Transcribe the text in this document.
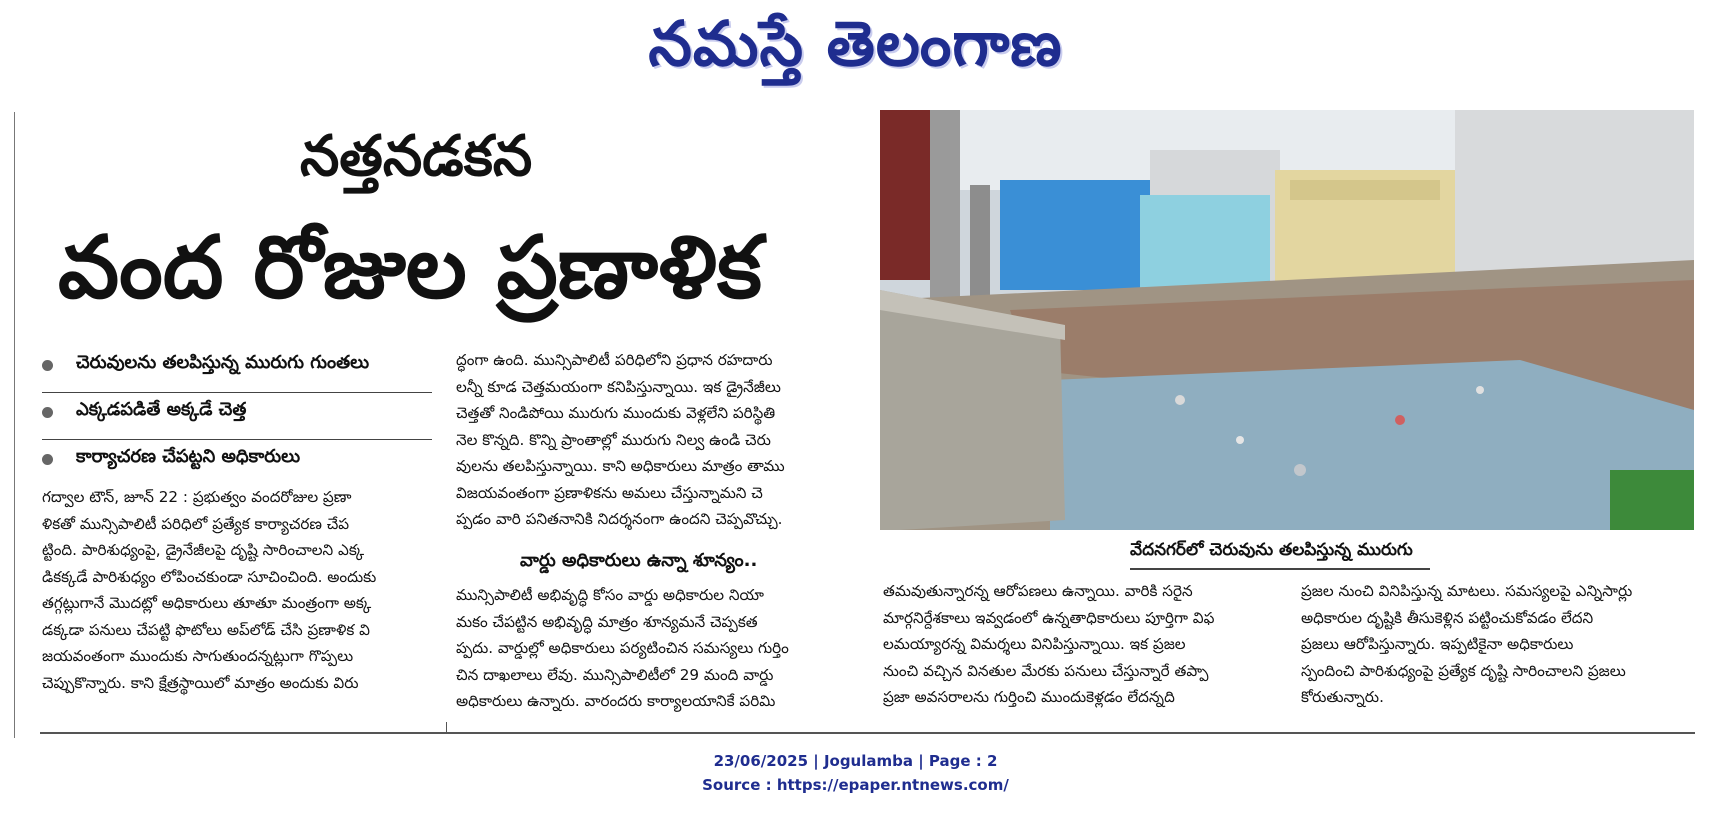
నమస్తే తెలంగాణ
నత్తనడకన
వంద రోజుల ప్రణాళిక
చెరువులను తలపిస్తున్న మురుగు గుంతలు
ఎక్కడపడితే అక్కడే చెత్త
కార్యాచరణ చేపట్టని అధికారులు

గద్వాల టౌన్, జూన్ 22 : ప్రభుత్వం వందరోజుల ప్రణా

ళికతో మున్సిపాలిటీ పరిధిలో ప్రత్యేక కార్యాచరణ చేప

ట్టింది. పారిశుధ్యంపై, డ్రైనేజీలపై దృష్టి సారించాలని ఎక్క

డికక్కడే పారిశుధ్యం లోపించకుండా సూచించింది. అందుకు

తగ్గట్లుగానే మొదట్లో అధికారులు తూతూ మంత్రంగా అక్క

డక్కడా పనులు చేపట్టి ఫొటోలు అప్‌లోడ్ చేసి ప్రణాళిక వి

జయవంతంగా ముందుకు సాగుతుందన్నట్లుగా గొప్పలు

చెప్పుకొన్నారు. కాని క్షేత్రస్థాయిలో మాత్రం అందుకు విరు

ద్ధంగా ఉంది. మున్సిపాలిటీ పరిధిలోని ప్రధాన రహదారు

లన్నీ కూడ చెత్తమయంగా కనిపిస్తున్నాయి. ఇక డ్రైనేజీలు

చెత్తతో నిండిపోయి మురుగు ముందుకు వెళ్లలేని పరిస్థితి

నెల కొన్నది. కొన్ని ప్రాంతాల్లో మురుగు నిల్వ ఉండి చెరు

వులను తలపిస్తున్నాయి. కాని అధికారులు మాత్రం తాము

విజయవంతంగా ప్రణాళికను అమలు చేస్తున్నామని చె

ప్పడం వారి పనితనానికి నిదర్శనంగా ఉందని చెప్పవొచ్చు.

వార్డు అధికారులు ఉన్నా శూన్యం..

మున్సిపాలిటీ అభివృద్ధి కోసం వార్డు అధికారుల నియా

మకం చేపట్టిన అభివృద్ధి మాత్రం శూన్యమనే చెప్పకత

ప్పదు. వార్డుల్లో అధికారులు పర్యటించిన సమస్యలు గుర్తిం

చిన దాఖలాలు లేవు. మున్సిపాలిటీలో 29 మంది వార్డు

అధికారులు ఉన్నారు. వారందరు కార్యాలయానికే పరిమి

వేదనగర్‌లో చెరువును తలపిస్తున్న మురుగు

తమవుతున్నారన్న ఆరోపణలు ఉన్నాయి. వారికి సరైన

మార్గనిర్దేశకాలు ఇవ్వడంలో ఉన్నతాధికారులు పూర్తిగా విఫ

లమయ్యారన్న విమర్శలు వినిపిస్తున్నాయి. ఇక ప్రజల

నుంచి వచ్చిన వినతుల మేరకు పనులు చేస్తున్నారే తప్పా

ప్రజా అవసరాలను గుర్తించి ముందుకెళ్లడం లేదన్నది

ప్రజల నుంచి వినిపిస్తున్న మాటలు. సమస్యలపై ఎన్నిసార్లు

అధికారుల దృష్టికి తీసుకెళ్లిన పట్టించుకోవడం లేదని

ప్రజలు ఆరోపిస్తున్నారు. ఇప్పటికైనా అధికారులు

స్పందించి పారిశుధ్యంపై ప్రత్యేక దృష్టి సారించాలని ప్రజలు

కోరుతున్నారు.

23/06/2025 | Jogulamba | Page : 2
Source : https://epaper.ntnews.com/
